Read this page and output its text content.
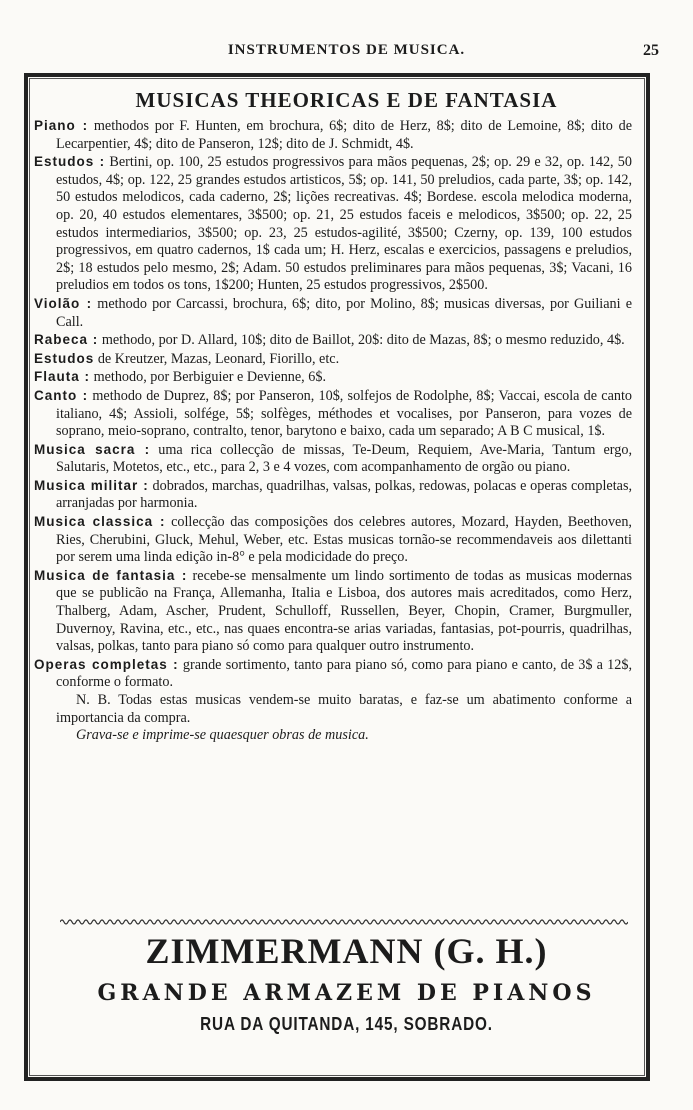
INSTRUMENTOS DE MUSICA.	25
MUSICAS THEORICAS E DE FANTASIA

Piano : methodos por F. Hunten, em brochura, 6$; dito de Herz, 8$; dito de Lemoine, 8$; dito de Lecarpentier, 4$; dito de Panseron, 12$; dito de J. Schmidt, 4$.

Estudos : Bertini, op. 100, 25 estudos progressivos para mãos pequenas, 2$; op. 29 e 32, op. 142, 50 estudos, 4$; op. 122, 25 grandes estudos artisticos, 5$; op. 141, 50 preludios, cada parte, 3$; op. 142, 50 estudos melodicos, cada caderno, 2$; lições recreativas. 4$; Bordese. escola melodica moderna, op. 20, 40 estudos elementares, 3$500; op. 21, 25 estudos faceis e melodicos, 3$500; op. 22, 25 estudos intermediarios, 3$500; op. 23, 25 estudos-agilité, 3$500; Czerny, op. 139, 100 estudos progressivos, em quatro cadernos, 1$ cada um; H. Herz, escalas e exercicios, passagens e preludios, 2$; 18 estudos pelo mesmo, 2$; Adam. 50 estudos preliminares para mãos pequenas, 3$; Vacani, 16 preludios em todos os tons, 1$200; Hunten, 25 estudos progressivos, 2$500.

Violão : methodo por Carcassi, brochura, 6$; dito, por Molino, 8$; musicas diversas, por Guiliani e Call.

Rabeca : methodo, por D. Allard, 10$; dito de Baillot, 20$: dito de Mazas, 8$; o mesmo reduzido, 4$.

Estudos de Kreutzer, Mazas, Leonard, Fiorillo, etc.

Flauta : methodo, por Berbiguier e Devienne, 6$.

Canto : methodo de Duprez, 8$; por Panseron, 10$, solfejos de Rodolphe, 8$; Vaccai, escola de canto italiano, 4$; Assioli, solfége, 5$; solfèges, méthodes et vocalises, por Panseron, para vozes de soprano, meio-soprano, contralto, tenor, barytono e baixo, cada um separado; A B C musical, 1$.

Musica sacra : uma rica collecção de missas, Te-Deum, Requiem, Ave-Maria, Tantum ergo, Salutaris, Motetos, etc., etc., para 2, 3 e 4 vozes, com acompanhamento de orgão ou piano.

Musica militar : dobrados, marchas, quadrilhas, valsas, polkas, redowas, polacas e operas completas, arranjadas por harmonia.

Musica classica : collecção das composições dos celebres autores, Mozard, Hayden, Beethoven, Ries, Cherubini, Gluck, Mehul, Weber, etc. Estas musicas tornão-se recommendaveis aos dilettanti por serem uma linda edição in-8° e pela modicidade do preço.

Musica de fantasia : recebe-se mensalmente um lindo sortimento de todas as musicas modernas que se publicão na França, Allemanha, Italia e Lisboa, dos autores mais acreditados, como Herz, Thalberg, Adam, Ascher, Prudent, Schulloff, Russellen, Beyer, Chopin, Cramer, Burgmuller, Duvernoy, Ravina, etc., etc., nas quaes encontra-se arias variadas, fantasias, pot-pourris, quadrilhas, valsas, polkas, tanto para piano só como para qualquer outro instrumento.

Operas completas : grande sortimento, tanto para piano só, como para piano e canto, de 3$ a 12$, conforme o formato.

N. B. Todas estas musicas vendem-se muito baratas, e faz-se um abatimento conforme a importancia da compra.

Grava-se e imprime-se quaesquer obras de musica.

ZIMMERMANN (G. H.)
GRANDE ARMAZEM DE PIANOS
RUA DA QUITANDA, 145, SOBRADO.
